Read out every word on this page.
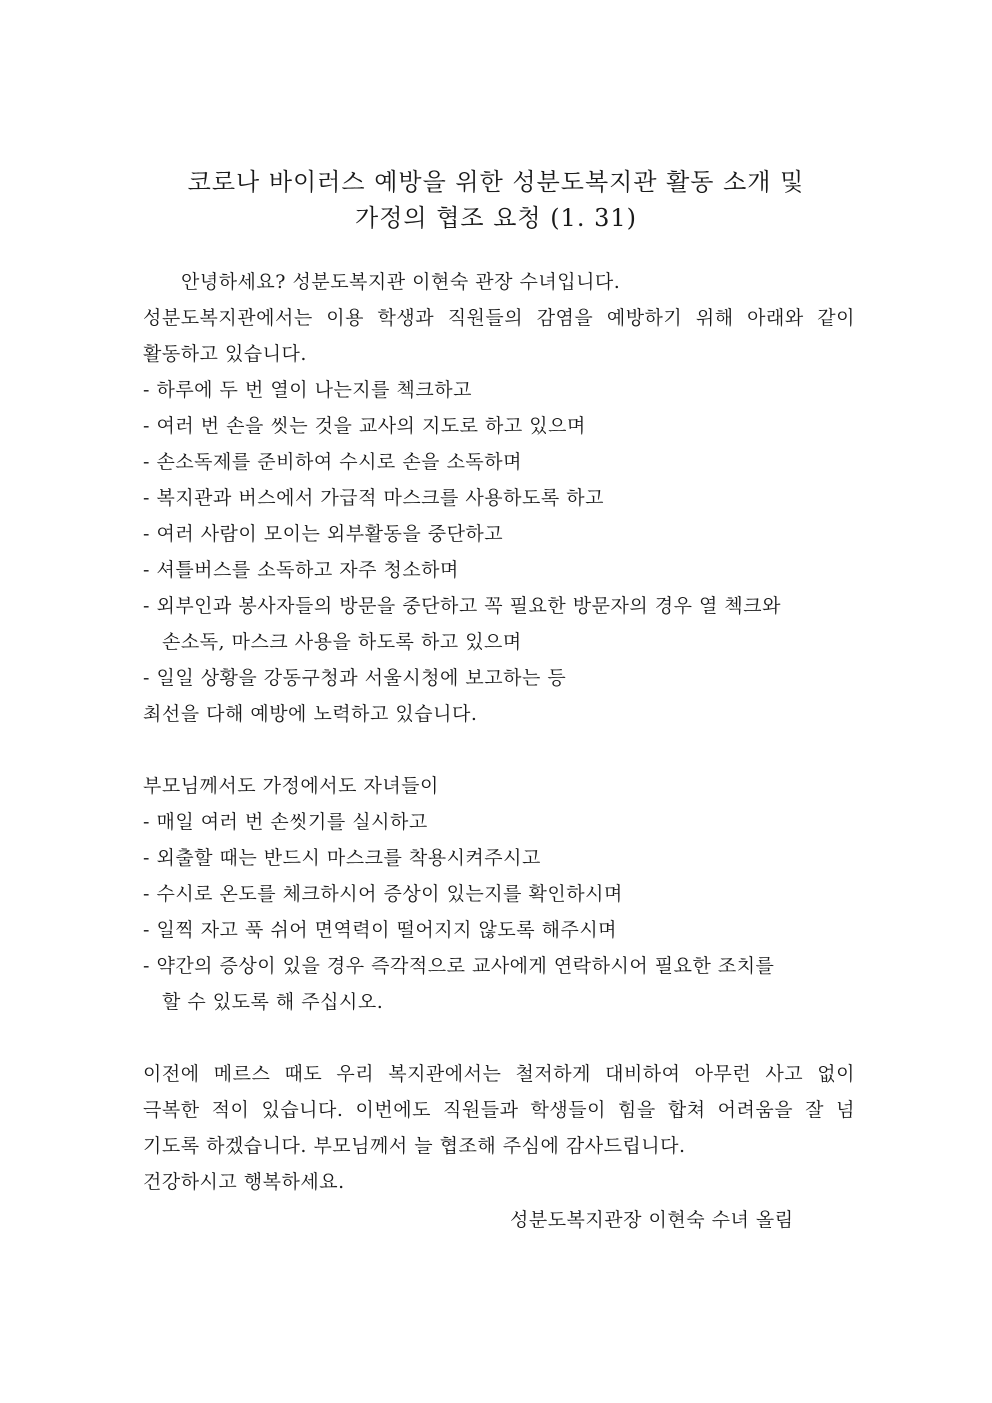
코로나 바이러스 예방을 위한 성분도복지관 활동 소개 및
가정의 협조 요청 (1. 31)
안녕하세요? 성분도복지관 이현숙 관장 수녀입니다.
성분도복지관에서는 이용 학생과 직원들의 감염을 예방하기 위해 아래와 같이
활동하고 있습니다.
- 하루에 두 번 열이 나는지를 첵크하고
- 여러 번 손을 씻는 것을 교사의 지도로 하고 있으며
- 손소독제를 준비하여 수시로 손을 소독하며
- 복지관과 버스에서 가급적 마스크를 사용하도록 하고
- 여러 사람이 모이는 외부활동을 중단하고
- 셔틀버스를 소독하고 자주 청소하며
- 외부인과 봉사자들의 방문을 중단하고 꼭 필요한 방문자의 경우 열 첵크와
손소독, 마스크 사용을 하도록 하고 있으며
- 일일 상황을 강동구청과 서울시청에 보고하는 등
최선을 다해 예방에 노력하고 있습니다.
부모님께서도 가정에서도 자녀들이
- 매일 여러 번 손씻기를 실시하고
- 외출할 때는 반드시 마스크를 착용시켜주시고
- 수시로 온도를 체크하시어 증상이 있는지를 확인하시며
- 일찍 자고 푹 쉬어 면역력이 떨어지지 않도록 해주시며
- 약간의 증상이 있을 경우 즉각적으로 교사에게 연락하시어 필요한 조치를
할 수 있도록 해 주십시오.
이전에 메르스 때도 우리 복지관에서는 철저하게 대비하여 아무런 사고 없이
극복한 적이 있습니다. 이번에도 직원들과 학생들이 힘을 합쳐 어려움을 잘 넘
기도록 하겠습니다. 부모님께서 늘 협조해 주심에 감사드립니다.
건강하시고 행복하세요.
성분도복지관장 이현숙 수녀 올림
